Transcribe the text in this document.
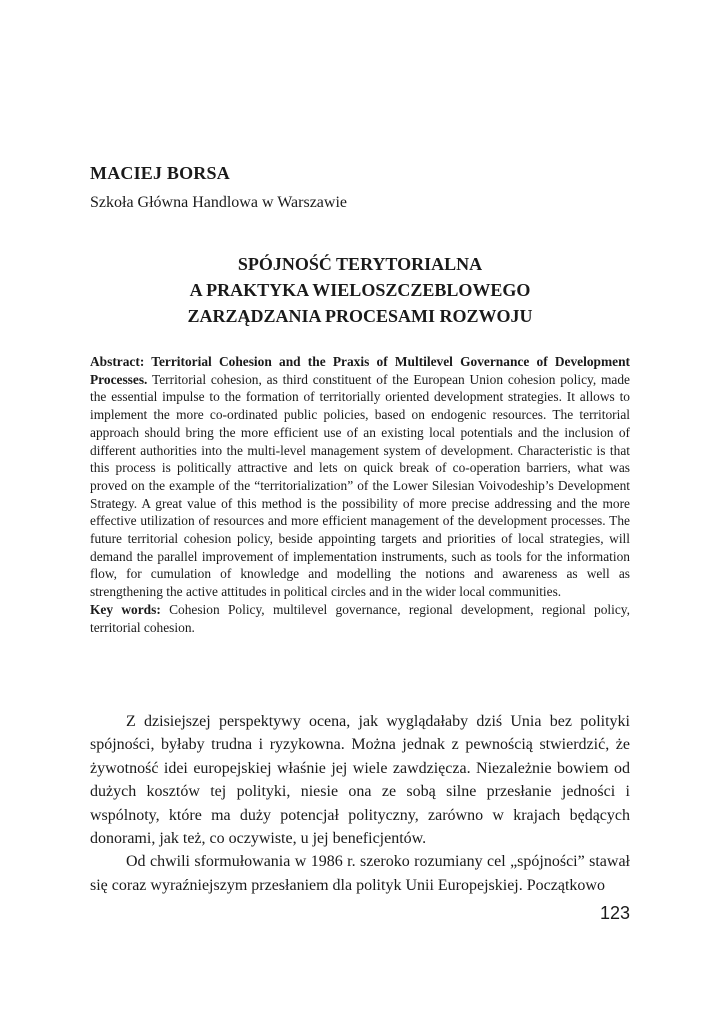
MACIEJ BORSA
Szkoła Główna Handlowa w Warszawie
SPÓJNOŚĆ TERYTORIALNA
A PRAKTYKA WIELOSZCZEBLOWEGO
ZARZĄDZANIA PROCESAMI ROZWOJU
Abstract: Territorial Cohesion and the Praxis of Multilevel Governance of Development Processes. Territorial cohesion, as third constituent of the European Union cohesion policy, made the essential impulse to the formation of territorially oriented development strategies. It allows to implement the more co-ordinated public policies, based on endogenic resources. The territorial approach should bring the more efficient use of an existing local potentials and the inclusion of different authorities into the multi-level management system of development. Characteristic is that this process is politically attractive and lets on quick break of co-operation barriers, what was proved on the example of the “territorialization” of the Lower Silesian Voivodeship’s Development Strategy. A great value of this method is the possibility of more precise addressing and the more effective utilization of resources and more efficient management of the development processes. The future territorial cohesion policy, beside appointing targets and priorities of local strategies, will demand the parallel improvement of implementation instruments, such as tools for the information flow, for cumulation of knowledge and modelling the notions and awareness as well as strengthening the active attitudes in political circles and in the wider local communities.
Key words: Cohesion Policy, multilevel governance, regional development, regional policy, territorial cohesion.

Z dzisiejszej perspektywy ocena, jak wyglądałaby dziś Unia bez polityki spójności, byłaby trudna i ryzykowna. Można jednak z pewnością stwierdzić, że żywotność idei europejskiej właśnie jej wiele zawdzięcza. Niezależnie bowiem od dużych kosztów tej polityki, niesie ona ze sobą silne przesłanie jedności i wspólnoty, które ma duży potencjał polityczny, zarówno w krajach będących donorami, jak też, co oczywiste, u jej beneficjentów.

Od chwili sformułowania w 1986 r. szeroko rozumiany cel „spójności” stawał się coraz wyraźniejszym przesłaniem dla polityk Unii Europejskiej. Początkowo

123
